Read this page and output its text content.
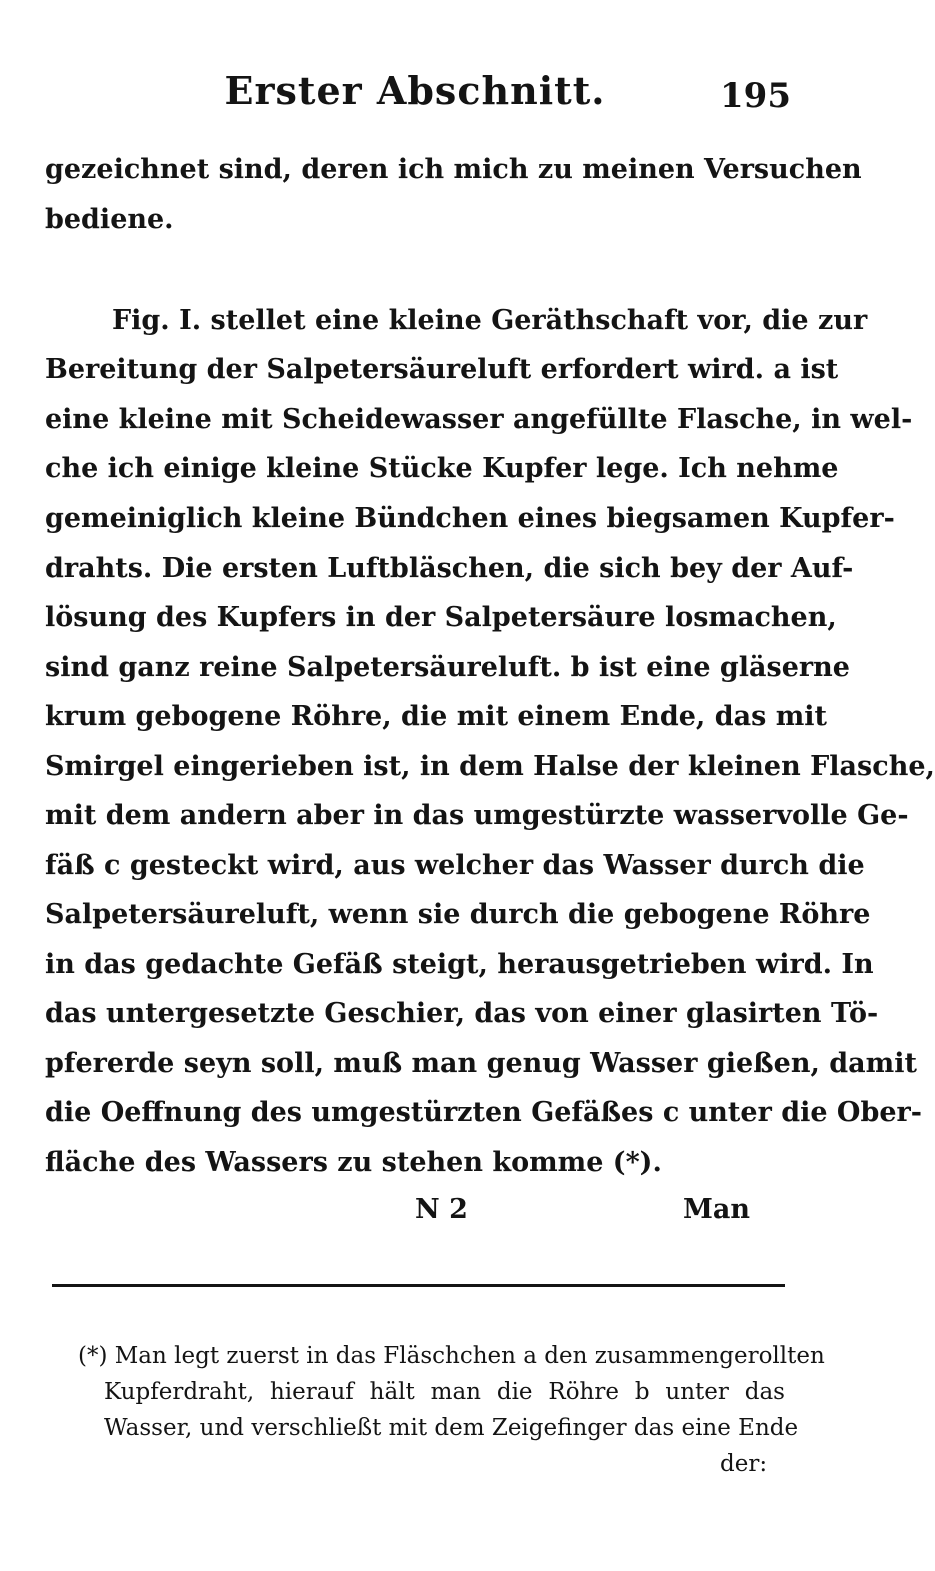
Erster Abschnitt.	195
gezeichnet sind, deren ich mich zu meinen Versuchen
bediene.
Fig. I. stellet eine kleine Geräthschaft vor, die zur
Bereitung der Salpetersäureluft erfordert wird. a ist
eine kleine mit Scheidewasser angefüllte Flasche, in wel-
che ich einige kleine Stücke Kupfer lege. Ich nehme
gemeiniglich kleine Bündchen eines biegsamen Kupfer-
drahts. Die ersten Luftbläschen, die sich bey der Auf-
lösung des Kupfers in der Salpetersäure losmachen,
sind ganz reine Salpetersäureluft. b ist eine gläserne
krum gebogene Röhre, die mit einem Ende, das mit
Smirgel eingerieben ist, in dem Halse der kleinen Flasche,
mit dem andern aber in das umgestürzte wasservolle Ge-
fäß c gesteckt wird, aus welcher das Wasser durch die
Salpetersäureluft, wenn sie durch die gebogene Röhre
in das gedachte Gefäß steigt, herausgetrieben wird. In
das untergesetzte Geschier, das von einer glasirten Tö-
pfererde seyn soll, muß man genug Wasser gießen, damit
die Oeffnung des umgestürzten Gefäßes c unter die Ober-
fläche des Wassers zu stehen komme (*).
N 2	Man
(*) Man legt zuerst in das Fläschchen a den zusammengerollten
Kupferdraht, hierauf hält man die Röhre b unter das
Wasser, und verschließt mit dem Zeigefinger das eine Ende
der:
